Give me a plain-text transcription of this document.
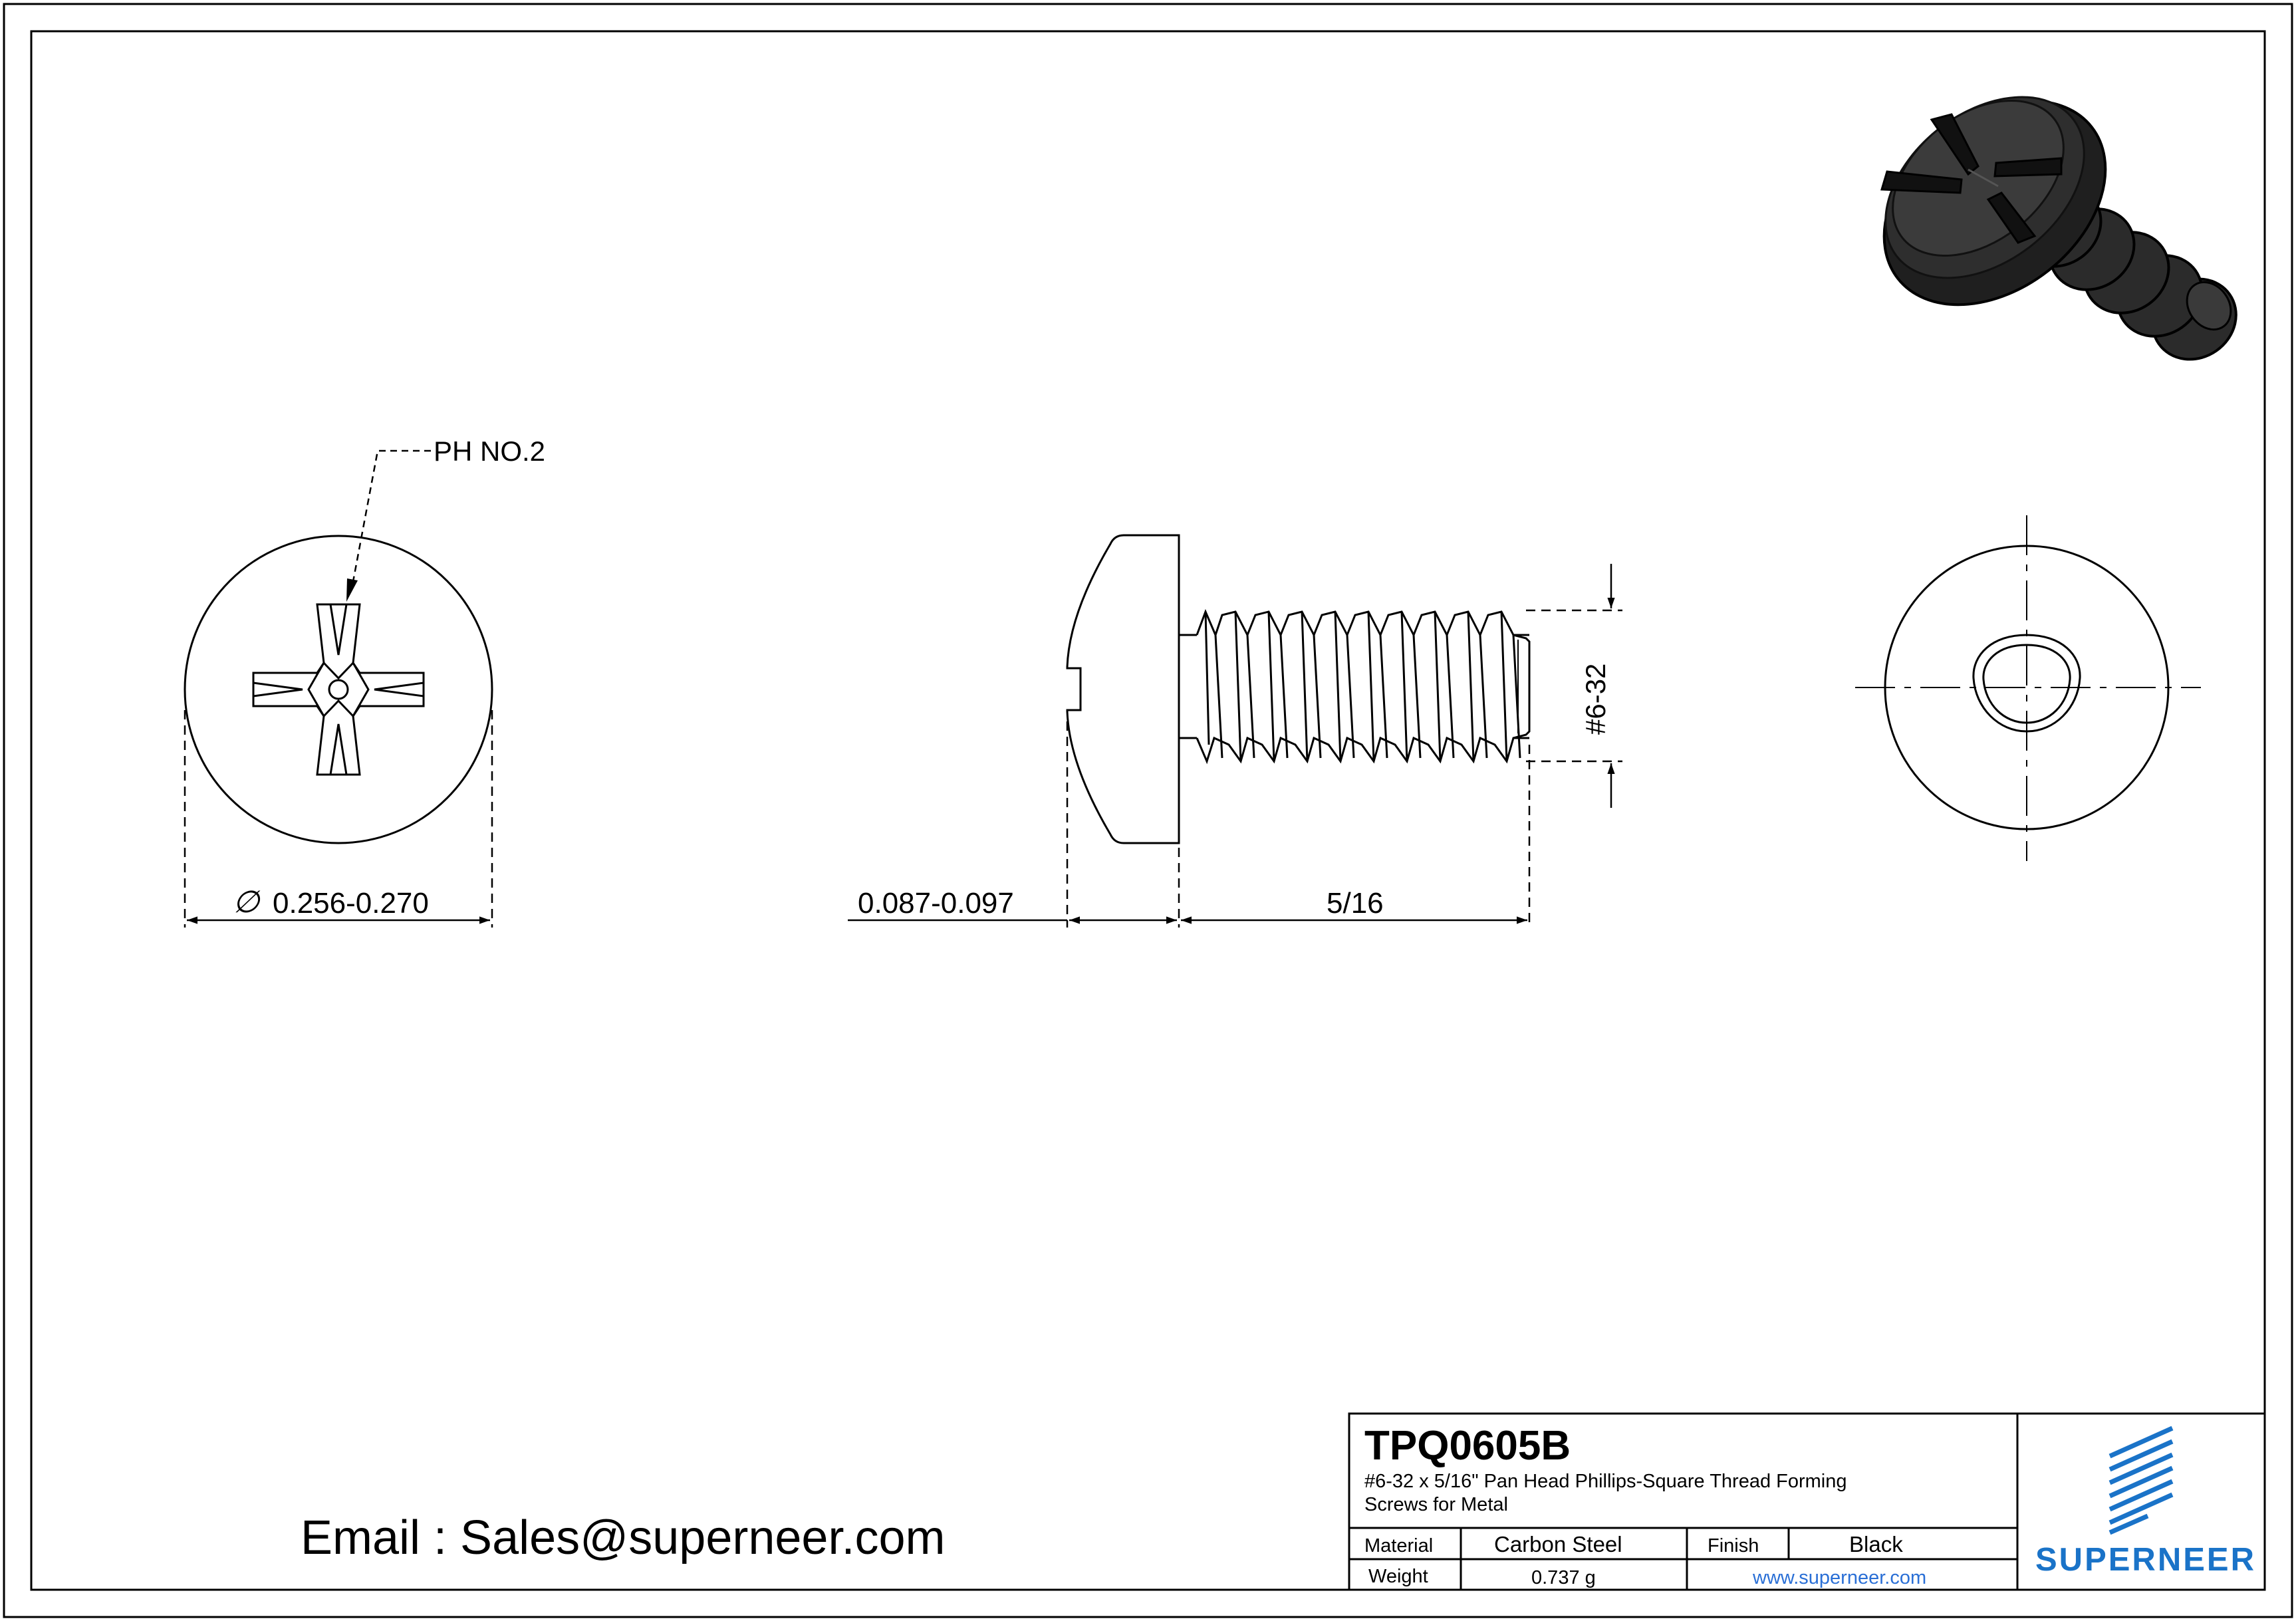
PH NO.2
∅ 0.256-0.270
#6-32
0.087-0.097	5/16
Email : Sales@superneer.com
TPQ0605B
#6-32 x 5/16" Pan Head Phillips-Square Thread Forming
Screws for Metal
Material	Carbon Steel	Finish	Black
Weight	0.737 g	www.superneer.com	SUPERNEER
